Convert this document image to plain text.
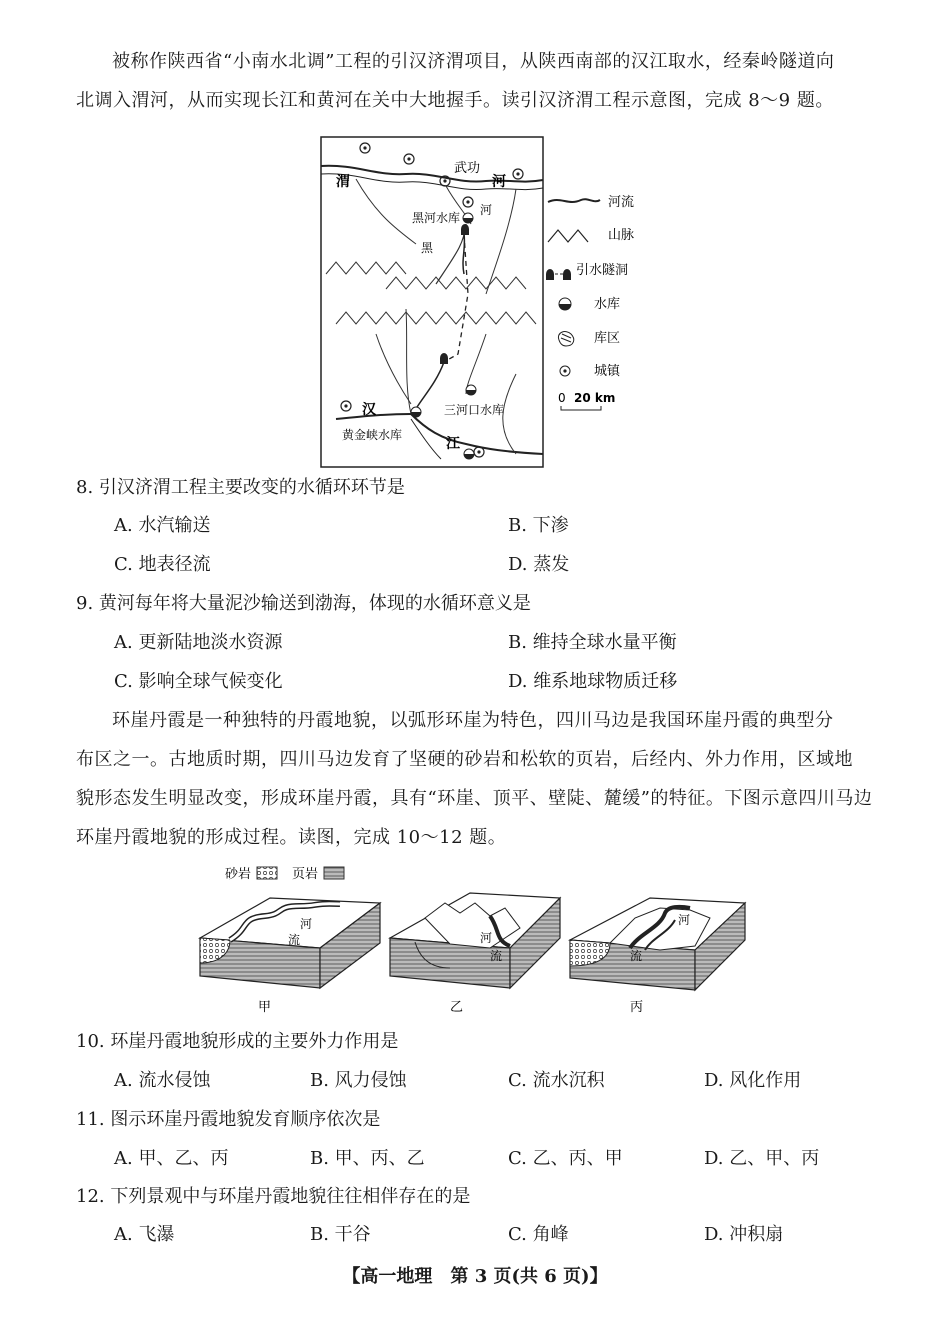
被称作陕西省“小南水北调”工程的引汉济渭项目，从陕西南部的汉江取水，经秦岭隧道向
北调入渭河，从而实现长江和黄河在关中大地握手。读引汉济渭工程示意图，完成 8～9 题。
武功
渭	河
河
黑河水库
黑
汉	三河口水库
黄金峡水库
江
河流
山脉
引水隧洞
水库
库区
城镇
0 20 km
8. 引汉济渭工程主要改变的水循环环节是
A. 水汽输送	B. 下渗
C. 地表径流	D. 蒸发
9. 黄河每年将大量泥沙输送到渤海，体现的水循环意义是
A. 更新陆地淡水资源	B. 维持全球水量平衡
C. 影响全球气候变化	D. 维系地球物质迁移
环崖丹霞是一种独特的丹霞地貌，以弧形环崖为特色，四川马边是我国环崖丹霞的典型分
布区之一。古地质时期，四川马边发育了坚硬的砂岩和松软的页岩，后经内、外力作用，区域地
貌形态发生明显改变，形成环崖丹霞，具有“环崖、顶平、壁陡、麓缓”的特征。下图示意四川马边
环崖丹霞地貌的形成过程。读图，完成 10～12 题。
砂岩	页岩
河
流	河
流
河
流
甲	乙	丙
10. 环崖丹霞地貌形成的主要外力作用是
A. 流水侵蚀	B. 风力侵蚀	C. 流水沉积	D. 风化作用
11. 图示环崖丹霞地貌发育顺序依次是
A. 甲、乙、丙	B. 甲、丙、乙	C. 乙、丙、甲	D. 乙、甲、丙
12. 下列景观中与环崖丹霞地貌往往相伴存在的是
A. 飞瀑	B. 干谷	C. 角峰	D. 冲积扇
【高一地理　第 3 页(共 6 页)】
